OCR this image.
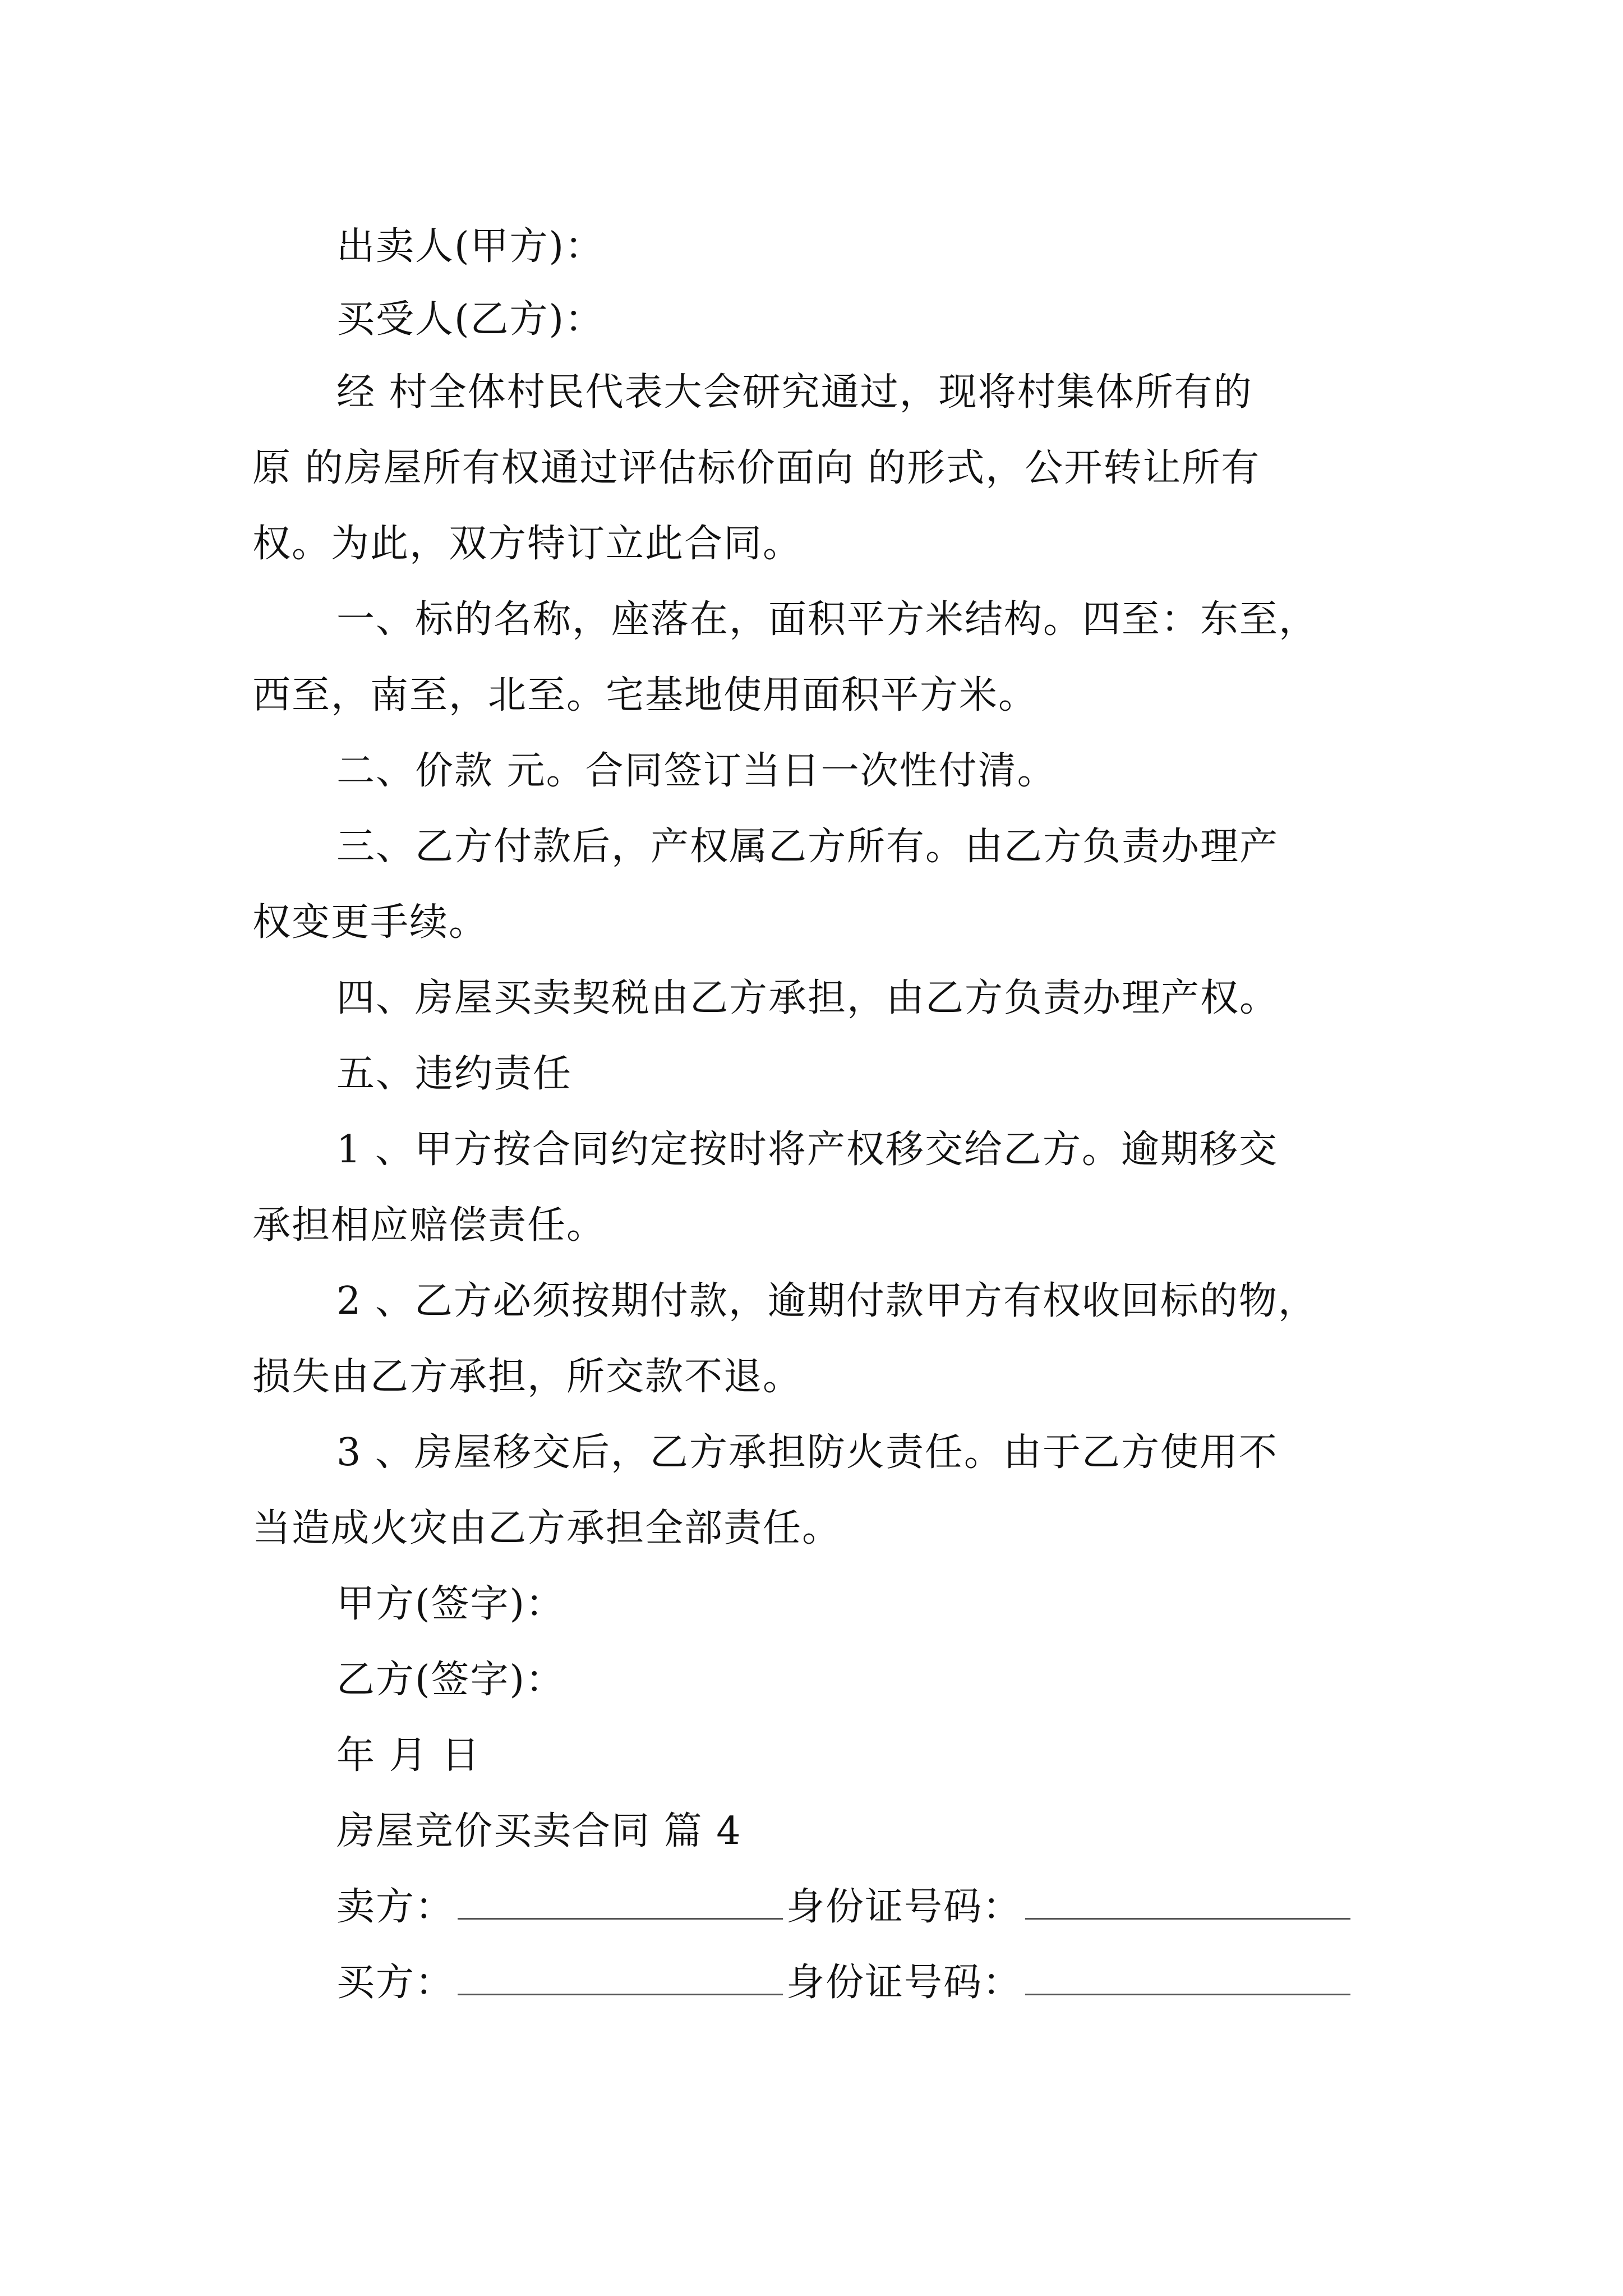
出卖人(甲方)：
买受人(乙方)：
经 村全体村民代表大会研究通过，现将村集体所有的
原 的房屋所有权通过评估标价面向 的形式，公开转让所有
权。为此，双方特订立此合同。
一、标的名称，座落在，面积平方米结构。四至：东至，
西至，南至，北至。宅基地使用面积平方米。
二、价款 元。合同签订当日一次性付清。
三、乙方付款后，产权属乙方所有。由乙方负责办理产
权变更手续。
四、房屋买卖契税由乙方承担，由乙方负责办理产权。
五、违约责任
1 、甲方按合同约定按时将产权移交给乙方。逾期移交
承担相应赔偿责任。
2 、乙方必须按期付款，逾期付款甲方有权收回标的物，
损失由乙方承担，所交款不退。
3 、房屋移交后，乙方承担防火责任。由于乙方使用不
当造成火灾由乙方承担全部责任。
甲方(签字)：
乙方(签字)：
年 月 日
房屋竞价买卖合同 篇 4
卖方：	身份证号码：
买方：	身份证号码：
